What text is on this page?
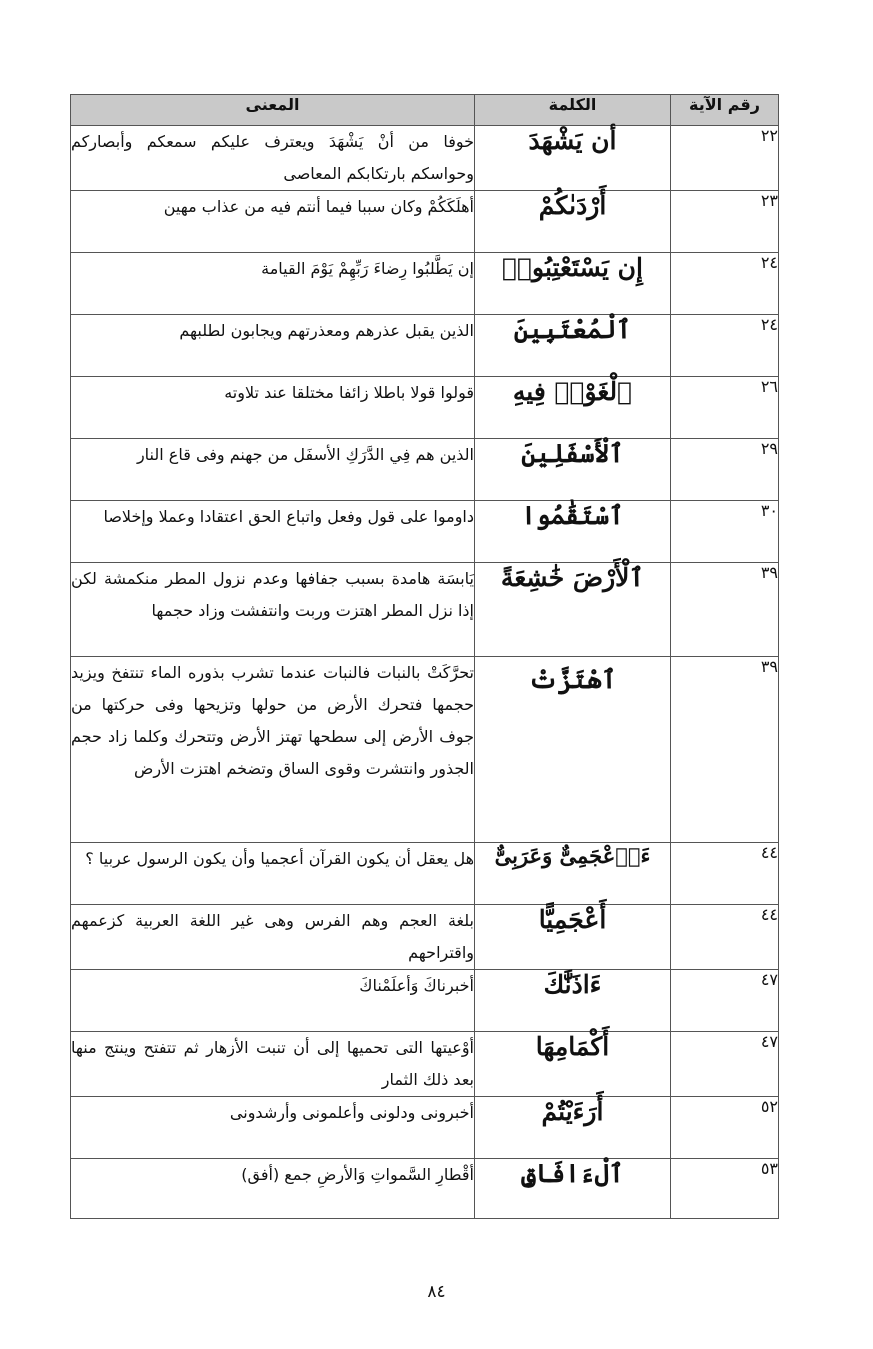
رقم الآية	الكلمة	المعنى
٢٢	أن يَشْهَدَ	خوفا من أنْ يَشْهَدَ ويعترف عليكم سمعكم وأبصاركم وحواسكم بارتكابكم المعاصى
٢٣	أَرْدَىٰكُمْ	أهلَكَكُمْ وكان سببا فيما أنتم فيه من عذاب مهين
٢٤	إِن يَسْتَعْتِبُوا۟	إن يَطَّلبُوا رِضاءَ رَبِّهِمْ يَوْمَ القيامة
٢٤	ٱلْمُعْتَبِينَ	الذين يقبل عذرهم ومعذرتهم ويجابون لطلبهم
٢٦	ٱلْغَوْا۟ فِيهِ	قولوا قولا باطلا زائفا مختلقا عند تلاوته
٢٩	ٱلْأَسْفَلِينَ	الذين هم فِي الدَّرَكِ الأسفَل من جهنم وفى قاع النار
٣٠	ٱسْتَقَٰمُوا	داوموا على قول وفعل واتباع الحق اعتقادا وعملا وإخلاصا
٣٩	ٱلْأَرْضَ خَٰشِعَةً	يَابسَة هامدة بسبب جفافها وعدم نزول المطر منكمشة لكن إذا نزل المطر اهتزت وربت وانتفشت وزاد حجمها
٣٩	ٱهْتَزَّتْ	تحرَّكَتْ بالنبات فالنبات عندما تشرب بذوره الماء تنتفخ ويزيد حجمها فتحرك الأرض من حولها وتزيحها وفى حركتها من جوف الأرض إلى سطحها تهتز الأرض وتتحرك وكلما زاد حجم الجذور وانتشرت وقوى الساق وتضخم اهتزت الأرض
٤٤	ءَا۬عْجَمِىٌّ وَعَرَبِىٌّ	هل يعقل أن يكون القرآن أعجميا وأن يكون الرسول عربيا ؟
٤٤	أَعْجَمِيًّا	بلغة العجم وهم الفرس وهى غير اللغة العربية كزعمهم واقتراحهم
٤٧	ءَاذَنَّٰكَ	أخبرناكَ وَأعلَمْناكَ
٤٧	أَكْمَامِهَا	أوْعيتها التى تحميها إلى أن تنبت الأزهار ثم تتفتح وينتج منها بعد ذلك الثمار
٥٢	أَرَءَيْتُمْ	أخبرونى ودلونى وأعلمونى وأرشدونى
٥٣	ٱلْءَافَاقِ	أقْطارِ السَّمواتِ وَالأرضِ جمع (أفق)
٨٤
